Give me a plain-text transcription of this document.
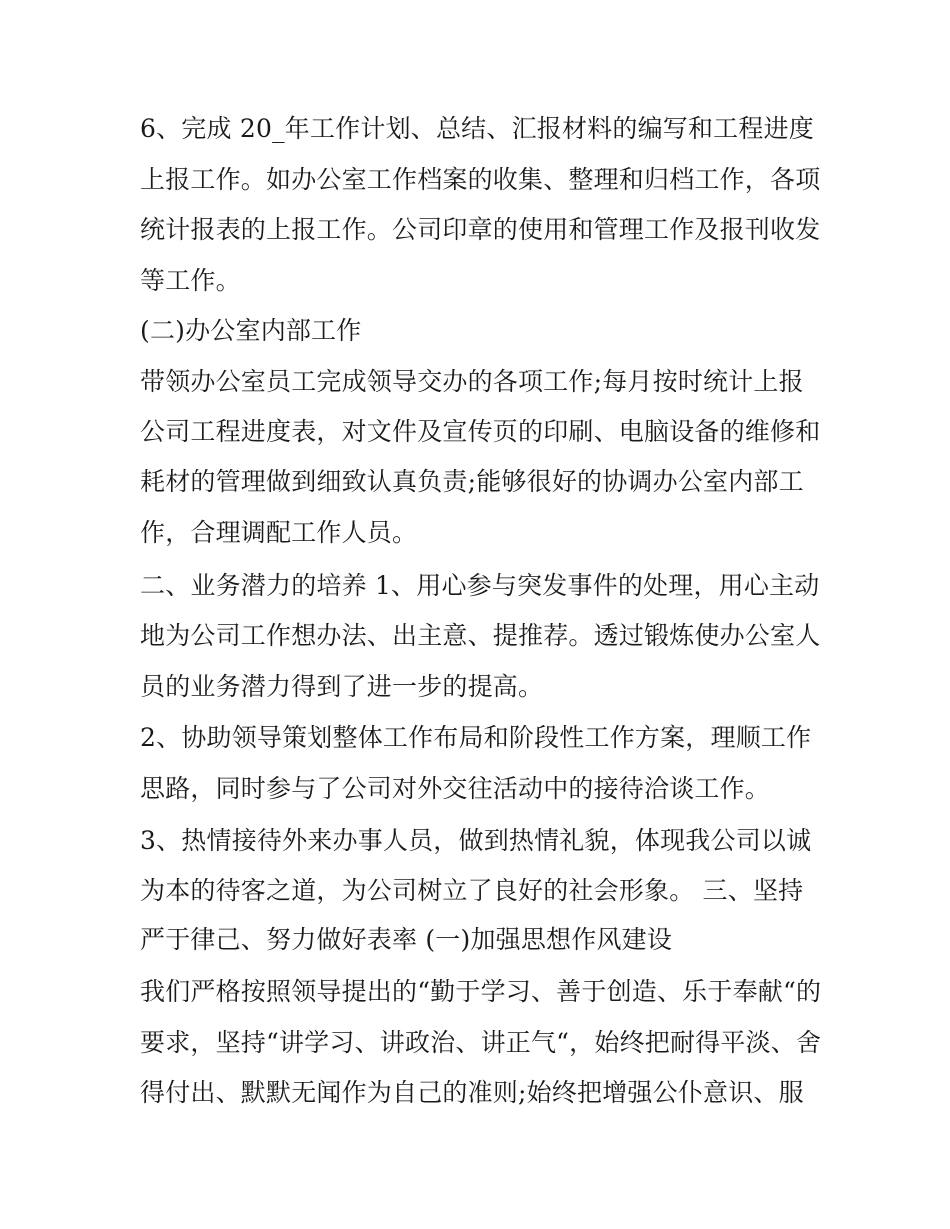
6、完成 20_年工作计划、总结、汇报材料的编写和工程进度
上报工作。如办公室工作档案的收集、整理和归档工作，各项
统计报表的上报工作。公司印章的使用和管理工作及报刊收发
等工作。
(二)办公室内部工作
带领办公室员工完成领导交办的各项工作;每月按时统计上报
公司工程进度表，对文件及宣传页的印刷、电脑设备的维修和
耗材的管理做到细致认真负责;能够很好的协调办公室内部工
作，合理调配工作人员。
二、业务潜力的培养 1、用心参与突发事件的处理，用心主动
地为公司工作想办法、出主意、提推荐。透过锻炼使办公室人
员的业务潜力得到了进一步的提高。
2、协助领导策划整体工作布局和阶段性工作方案，理顺工作
思路，同时参与了公司对外交往活动中的接待洽谈工作。
3、热情接待外来办事人员，做到热情礼貌，体现我公司以诚
为本的待客之道，为公司树立了良好的社会形象。 三、坚持
严于律己、努力做好表率 (一)加强思想作风建设
我们严格按照领导提出的“勤于学习、善于创造、乐于奉献“的
要求，坚持“讲学习、讲政治、讲正气“，始终把耐得平淡、舍
得付出、默默无闻作为自己的准则;始终把增强公仆意识、服
